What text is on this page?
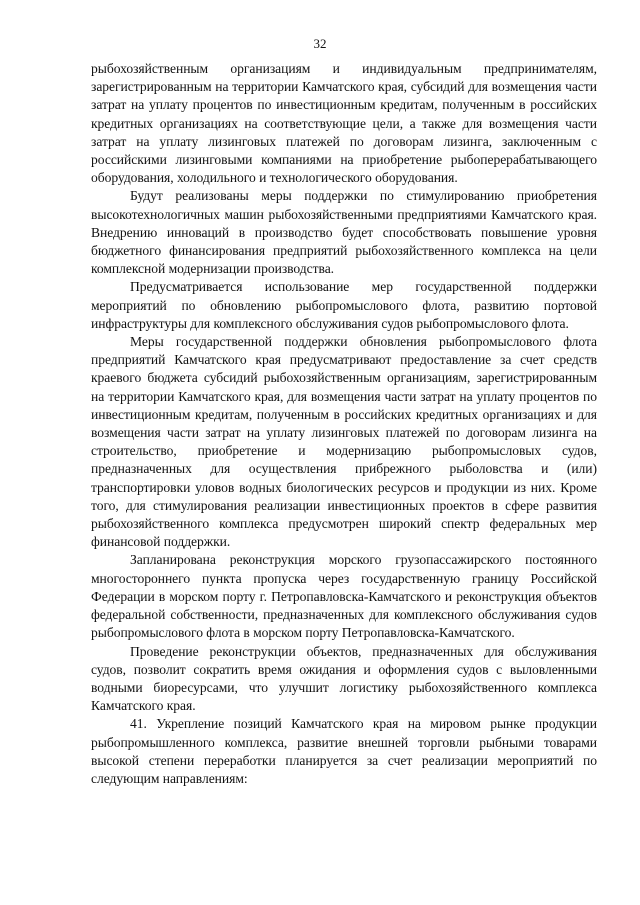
32

рыбохозяйственным организациям и индивидуальным предпринимателям, зарегистрированным на территории Камчатского края, субсидий для возмещения части затрат на уплату процентов по инвестиционным кредитам, полученным в российских кредитных организациях на соответствующие цели, а также для возмещения части затрат на уплату лизинговых платежей по договорам лизинга, заключенным с российскими лизинговыми компаниями на приобретение рыбоперерабатывающего оборудования, холодильного и технологического оборудования.

Будут реализованы меры поддержки по стимулированию приобретения высокотехнологичных машин рыбохозяйственными предприятиями Камчатского края. Внедрению инноваций в производство будет способствовать повышение уровня бюджетного финансирования предприятий рыбохозяйственного комплекса на цели комплексной модернизации производства.

Предусматривается использование мер государственной поддержки мероприятий по обновлению рыбопромыслового флота, развитию портовой инфраструктуры для комплексного обслуживания судов рыбопромыслового флота.

Меры государственной поддержки обновления рыбопромыслового флота предприятий Камчатского края предусматривают предоставление за счет средств краевого бюджета субсидий рыбохозяйственным организациям, зарегистрированным на территории Камчатского края, для возмещения части затрат на уплату процентов по инвестиционным кредитам, полученным в российских кредитных организациях и для возмещения части затрат на уплату лизинговых платежей по договорам лизинга на строительство, приобретение и модернизацию рыбопромысловых судов, предназначенных для осуществления прибрежного рыболовства и (или) транспортировки уловов водных биологических ресурсов и продукции из них. Кроме того, для стимулирования реализации инвестиционных проектов в сфере развития рыбохозяйственного комплекса предусмотрен широкий спектр федеральных мер финансовой поддержки.

Запланирована реконструкция морского грузопассажирского постоянного многостороннего пункта пропуска через государственную границу Российской Федерации в морском порту г. Петропавловска-Камчатского и реконструкция объектов федеральной собственности, предназначенных для комплексного обслуживания судов рыбопромыслового флота в морском порту Петропавловска-Камчатского.

Проведение реконструкции объектов, предназначенных для обслуживания судов, позволит сократить время ожидания и оформления судов с выловленными водными биоресурсами, что улучшит логистику рыбохозяйственного комплекса Камчатского края.

41. Укрепление позиций Камчатского края на мировом рынке продукции рыбопромышленного комплекса, развитие внешней торговли рыбными товарами высокой степени переработки планируется за счет реализации мероприятий по следующим направлениям:
